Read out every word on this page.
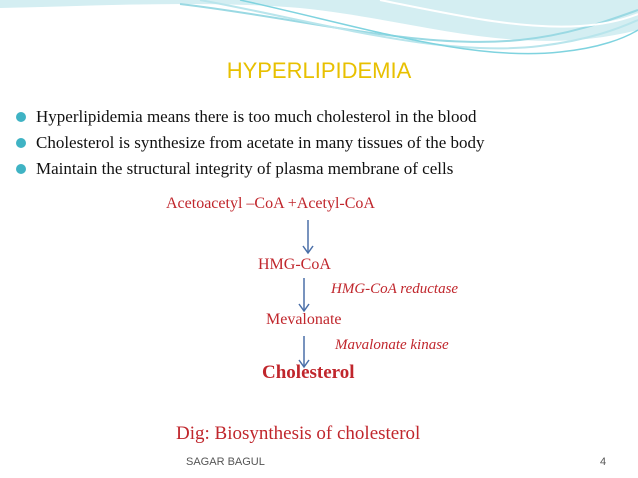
HYPERLIPIDEMIA
Hyperlipidemia means there is too much cholesterol in the blood
Cholesterol is synthesize from acetate in many tissues of the body
Maintain the structural integrity of plasma membrane of cells
Acetoacetyl –CoA +Acetyl-CoA
HMG-CoA
HMG-CoA reductase
Mevalonate
Mavalonate kinase
Cholesterol
Dig: Biosynthesis of cholesterol
SAGAR BAGUL	4
